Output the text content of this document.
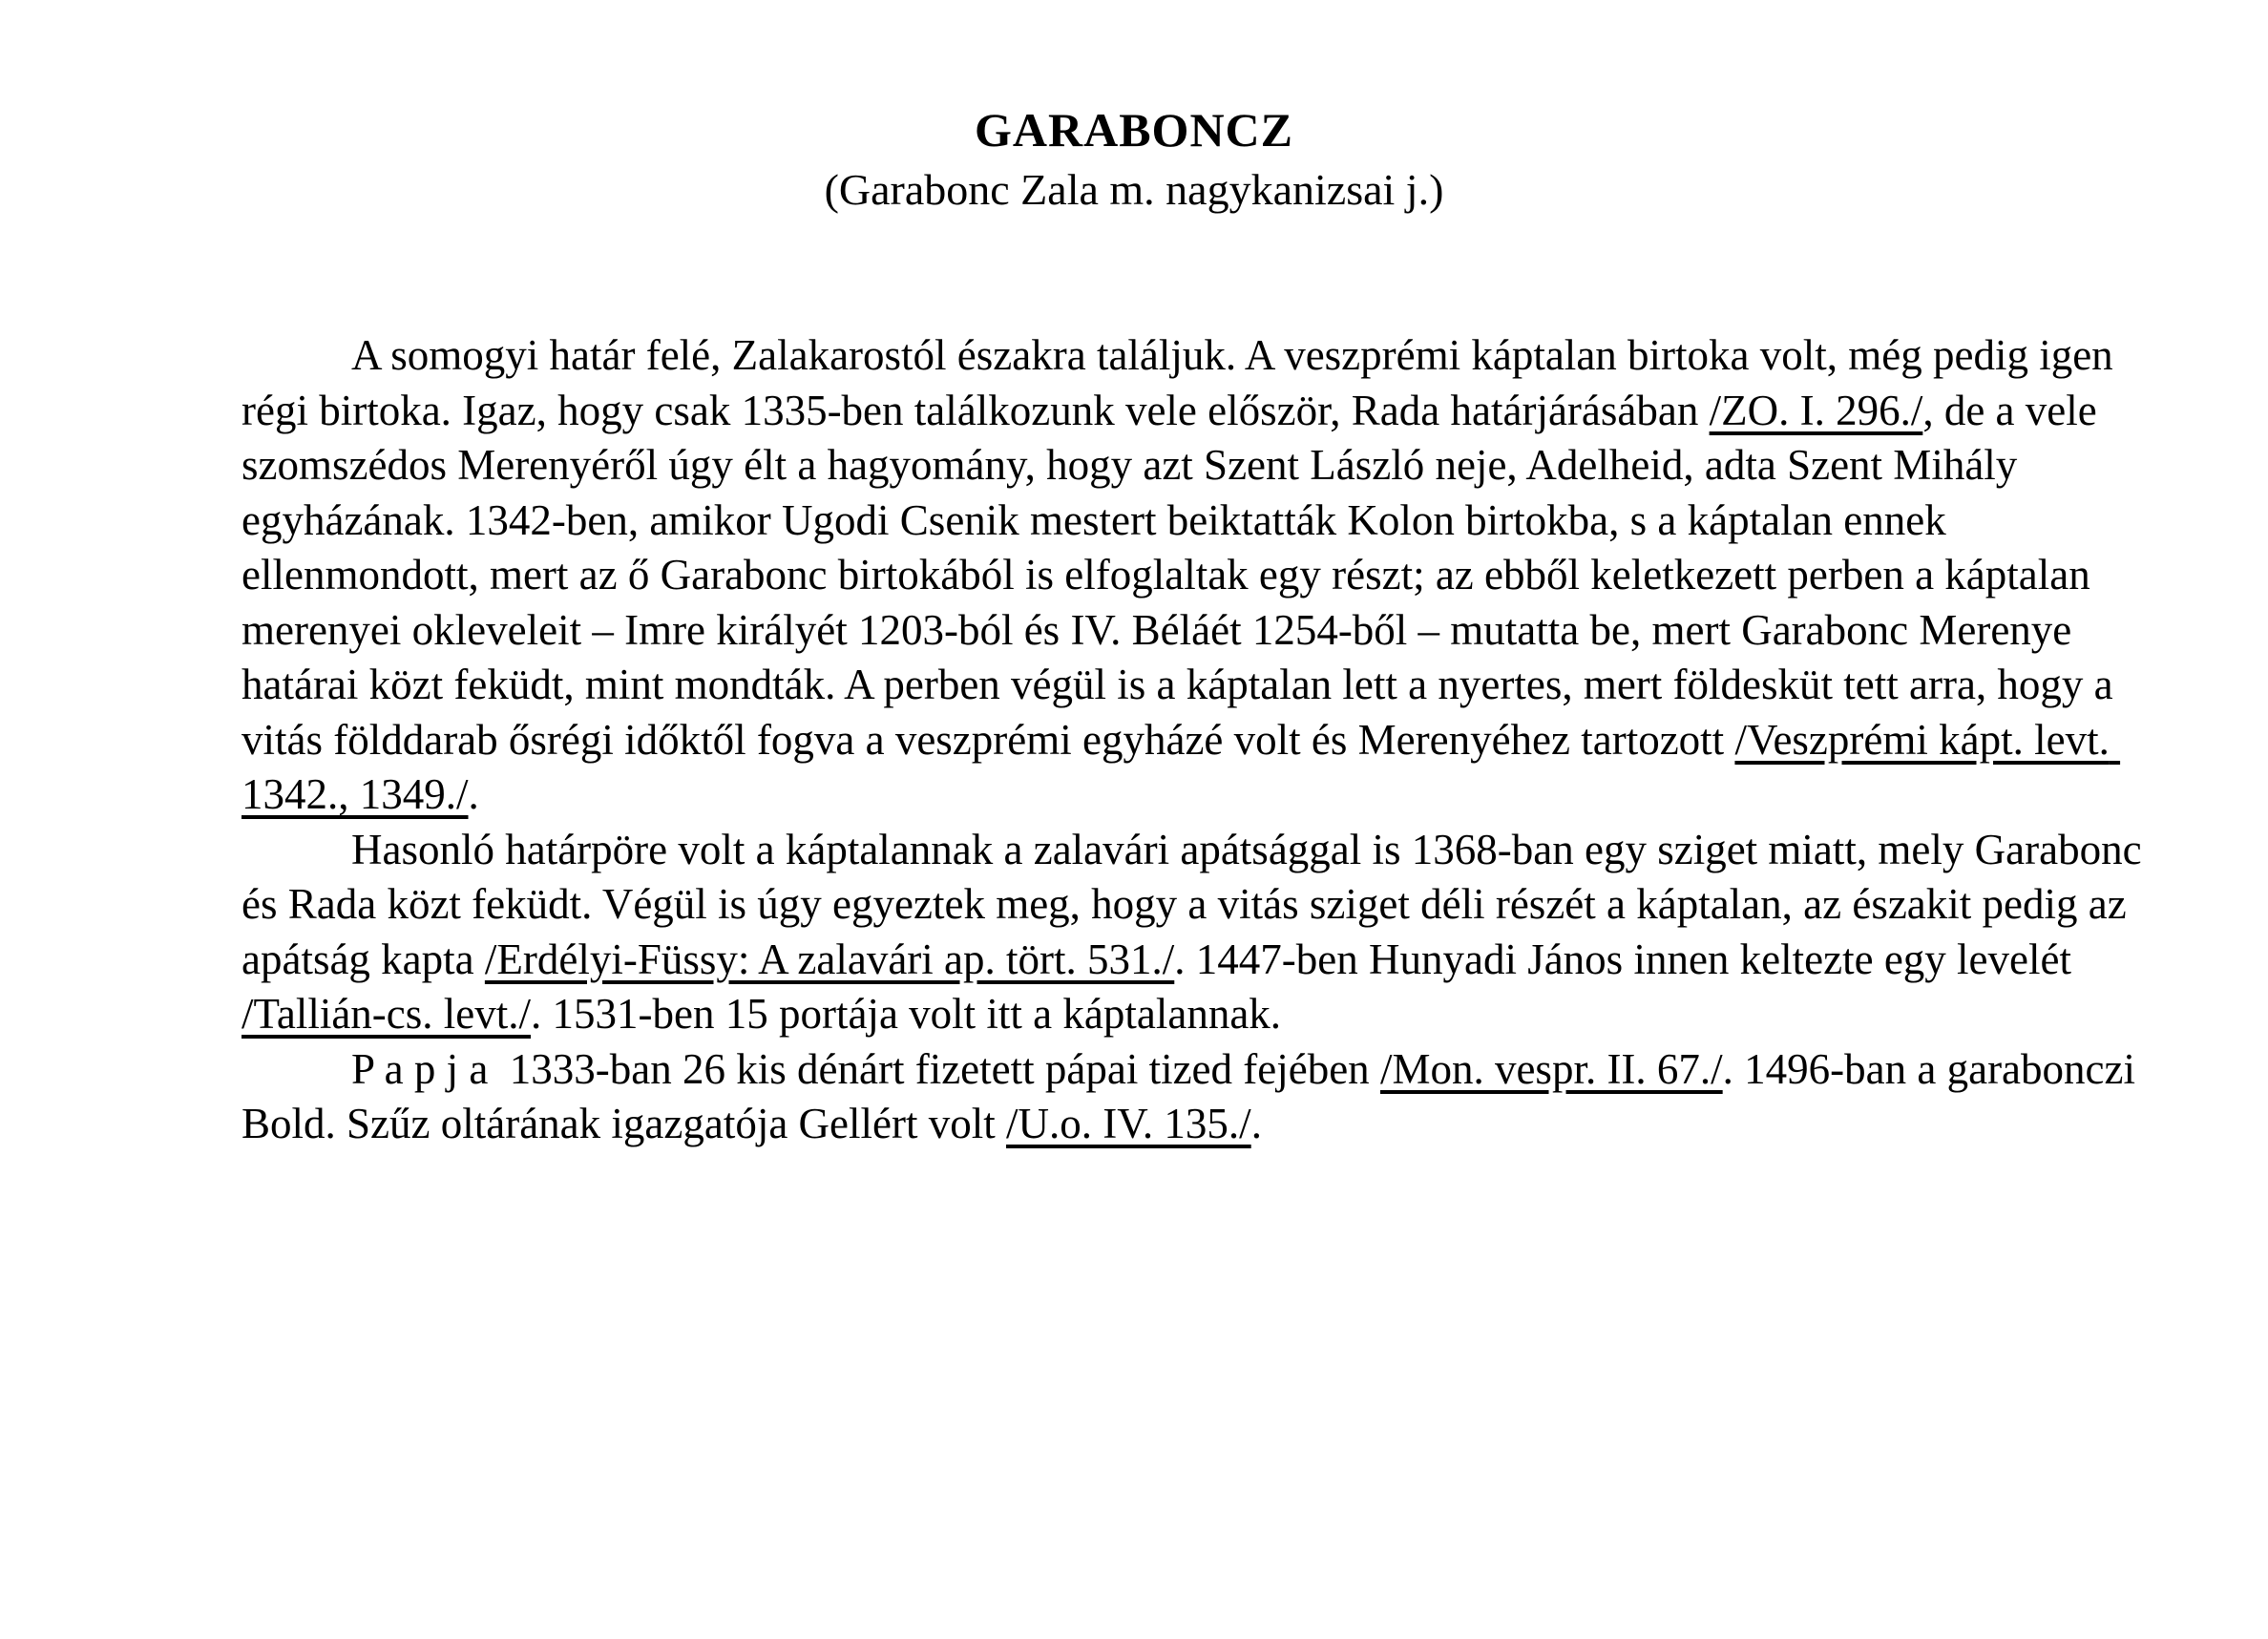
GARABONCZ
(Garabonc Zala m. nagykanizsai j.)

A somogyi határ felé, Zalakarostól északra találjuk. A veszprémi káptalan birtoka volt, még pedig igen régi birtoka. Igaz, hogy csak 1335-ben találkozunk vele először, Rada határjárásában /ZO. I. 296./, de a vele szomszédos Merenyéről úgy élt a hagyomány, hogy azt Szent László neje, Adelheid, adta Szent Mihály egyházának. 1342-ben, amikor Ugodi Csenik mestert beiktatták Kolon birtokba, s a káptalan ennek ellenmondott, mert az ő Garabonc birtokából is elfoglaltak egy részt; az ebből keletkezett perben a káptalan merenyei okleveleit – Imre királyét 1203-ból és IV. Béláét 1254-ből – mutatta be, mert Garabonc Merenye határai közt feküdt, mint mondták. A perben végül is a káptalan lett a nyertes, mert földesküt tett arra, hogy a vitás földdarab ősrégi időktől fogva a veszprémi egyházé volt és Merenyéhez tartozott /Veszprémi kápt. levt. 1342., 1349./.

Hasonló határpöre volt a káptalannak a zalavári apátsággal is 1368-ban egy sziget miatt, mely Garabonc és Rada közt feküdt. Végül is úgy egyeztek meg, hogy a vitás sziget déli részét a káptalan, az északit pedig az apátság kapta /Erdélyi-Füssy: A zalavári ap. tört. 531./. 1447-ben Hunyadi János innen keltezte egy levelét /Tallián-cs. levt./. 1531-ben 15 portája volt itt a káptalannak.

P a p j a  1333-ban 26 kis dénárt fizetett pápai tized fejében /Mon. vespr. II. 67./. 1496-ban a garabonczi Bold. Szűz oltárának igazgatója Gellért volt /U.o. IV. 135./.
